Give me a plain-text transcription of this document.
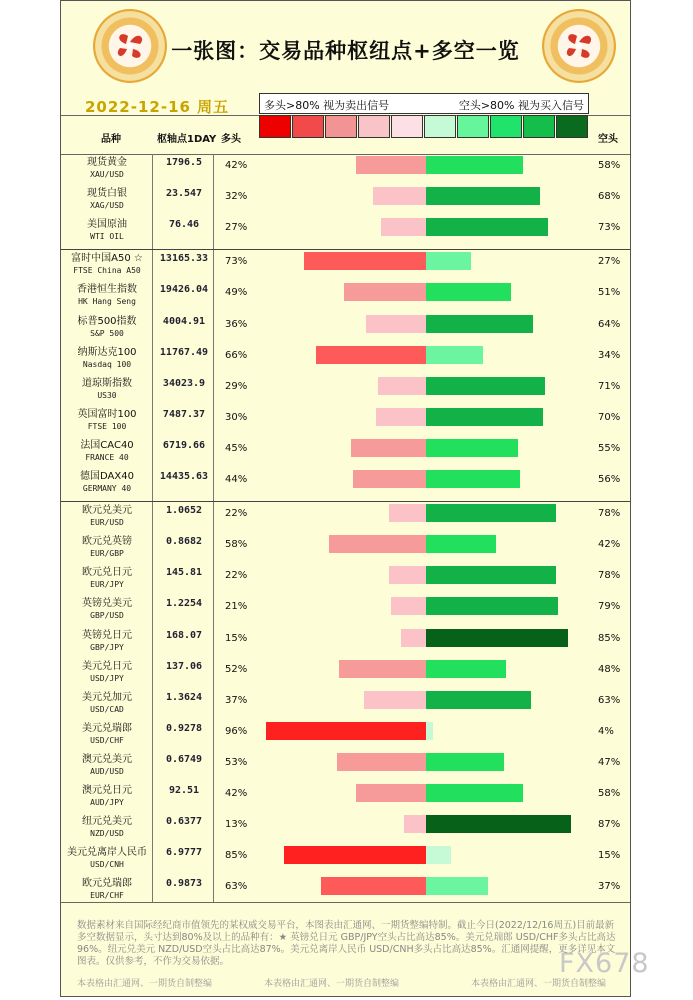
一张图：交易品种枢纽点+多空一览
2022-12-16 周五	多头>80% 视为卖出信号	空头>80% 视为买入信号
品种	枢轴点1DAY 多头	空头
现货黄金
XAU/USD
1796.5	42%	58%
现货白银
XAG/USD
23.547	32%	68%
美国原油
WTI OIL
76.46	27%	73%
富时中国A50 ☆
FTSE China A50
13165.33	73%	27%
香港恒生指数
HK Hang Seng
19426.04	49%	51%
标普500指数
S&P 500
4004.91	36%	64%
纳斯达克100
Nasdaq 100
11767.49	66%	34%
道琼斯指数
US30
34023.9	29%	71%
英国富时100
FTSE 100
7487.37	30%	70%
法国CAC40
FRANCE 40
6719.66	45%	55%
德国DAX40
GERMANY 40
14435.63	44%	56%
欧元兑美元
EUR/USD
1.0652	22%	78%
欧元兑英镑
EUR/GBP
0.8682	58%	42%
欧元兑日元
EUR/JPY
145.81	22%	78%
英镑兑美元
GBP/USD
1.2254	21%	79%
英镑兑日元
GBP/JPY
168.07	15%	85%
美元兑日元
USD/JPY
137.06	52%	48%
美元兑加元
USD/CAD
1.3624	37%	63%
美元兑瑞郎
USD/CHF
0.9278	96%	4%
澳元兑美元
AUD/USD
0.6749	53%	47%
澳元兑日元
AUD/JPY
92.51	42%	58%
纽元兑美元
NZD/USD
0.6377	13%	87%
美元兑离岸人民币
USD/CNH
6.9777	85%	15%
欧元兑瑞郎
EUR/CHF
0.9873	63%	37%
数据素材来自国际经纪商市值领先的某权威交易平台，本图表由汇通网、一期货整编特制。截止今日(2022/12/16周五)目前最新多空数据显示，头寸达到80%及以上的品种有：★ 英镑兑日元 GBP/JPY空头占比高达85%。美元兑瑞郎 USD/CHF多头占比高达96%。纽元兑美元 NZD/USD空头占比高达87%。美元兑离岸人民币 USD/CNH多头占比高达85%。汇通网提醒，更多详见本文图表。仅供参考，不作为交易依据。
本表格由汇通网、一期货自制整编	本表格由汇通网、一期货自制整编	本表格由汇通网、一期货自制整编
FX678
